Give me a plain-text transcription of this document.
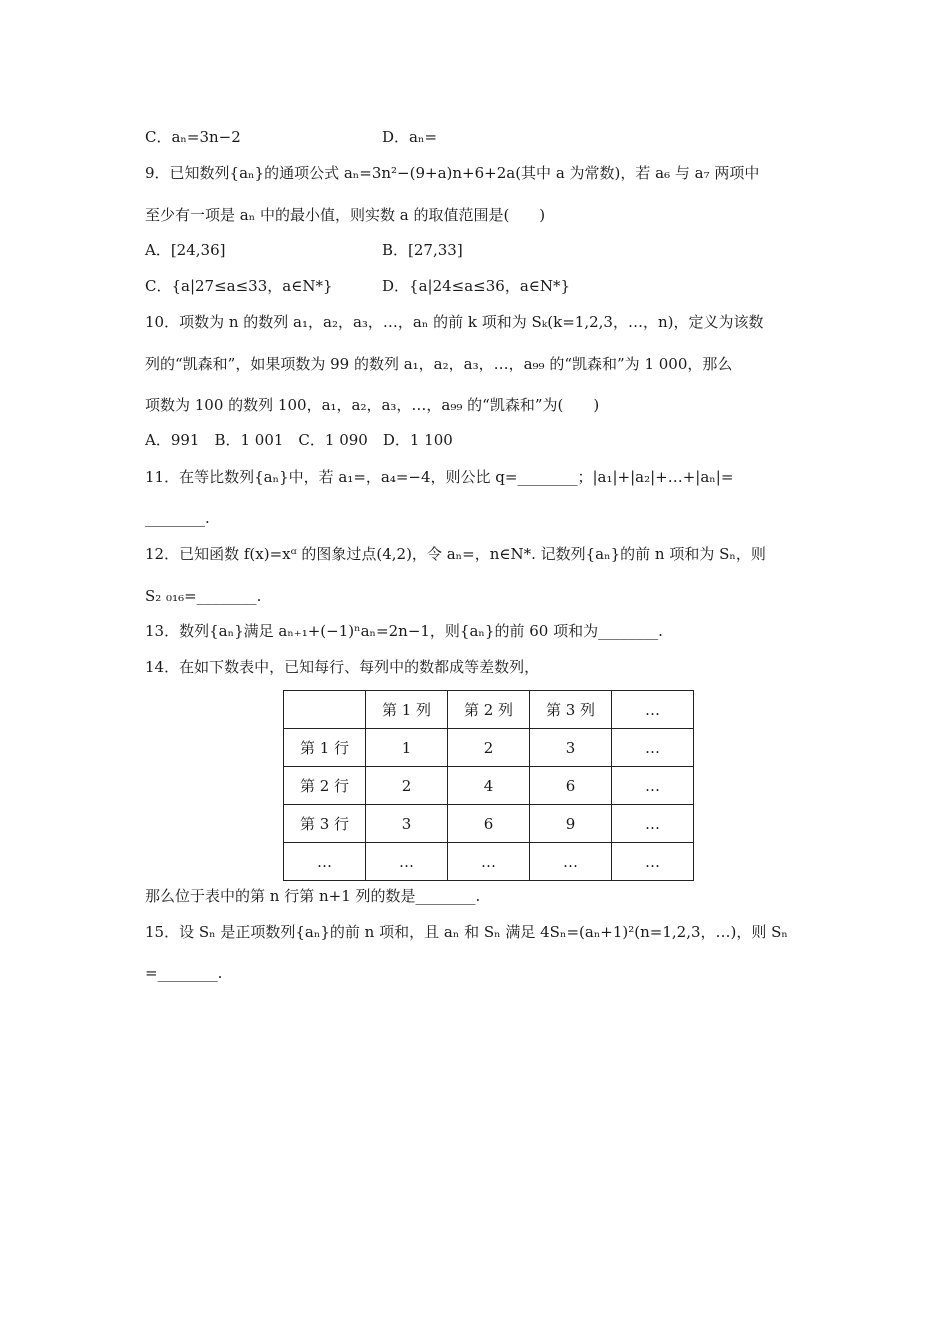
C．aₙ=3n−2	D．aₙ=
9．已知数列{aₙ}的通项公式 aₙ=3n²−(9+a)n+6+2a(其中 a 为常数)，若 a₆ 与 a₇ 两项中
至少有一项是 aₙ 中的最小值，则实数 a 的取值范围是(　　)
A．[24,36]	B．[27,33]
C．{a|27≤a≤33，a∈N*}	D．{a|24≤a≤36，a∈N*}
10．项数为 n 的数列 a₁，a₂，a₃，…，aₙ 的前 k 项和为 Sₖ(k=1,2,3，…，n)，定义为该数
列的“凯森和”，如果项数为 99 的数列 a₁，a₂，a₃，…，a₉₉ 的“凯森和”为 1 000，那么
项数为 100 的数列 100，a₁，a₂，a₃，…，a₉₉ 的“凯森和”为(　　)
A．991　B．1 001　C．1 090　D．1 100
11．在等比数列{aₙ}中，若 a₁=，a₄=−4，则公比 q=________；|a₁|+|a₂|+…+|aₙ|=
________.
12．已知函数 f(x)=xᵅ 的图象过点(4,2)，令 aₙ=，n∈N*. 记数列{aₙ}的前 n 项和为 Sₙ，则
S₂ ₀₁₆=________.
13．数列{aₙ}满足 aₙ₊₁+(−1)ⁿaₙ=2n−1，则{aₙ}的前 60 项和为________.
14．在如下数表中，已知每行、每列中的数都成等差数列，
	第 1 列	第 2 列	第 3 列	…
第 1 行	1	2	3	…
第 2 行	2	4	6	…
第 3 行	3	6	9	…
…	…	…	…	…
那么位于表中的第 n 行第 n+1 列的数是________.
15．设 Sₙ 是正项数列{aₙ}的前 n 项和，且 aₙ 和 Sₙ 满足 4Sₙ=(aₙ+1)²(n=1,2,3，…)，则 Sₙ
=________.
